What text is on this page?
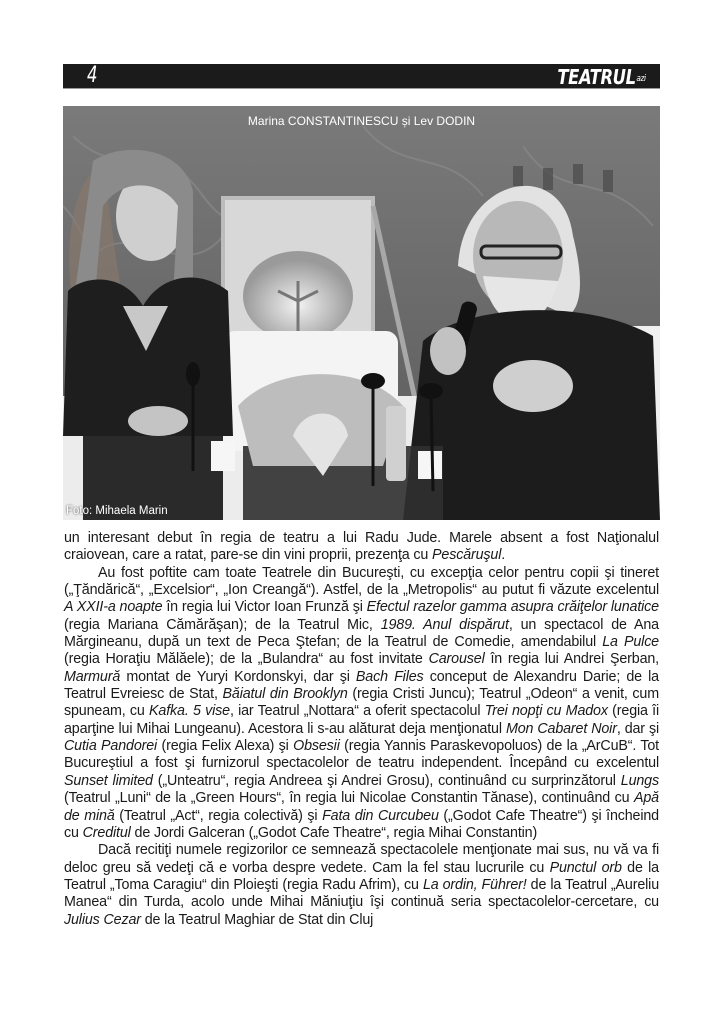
4	TEATRULazi
Marina CONSTANTINESCU și Lev DODIN
Foto: Mihaela Marin

un interesant debut în regia de teatru a lui Radu Jude. Marele absent a fost Naţionalul craiovean, care a ratat, pare-se din vini proprii, prezenţa cu Pescăruşul.

Au fost poftite cam toate Teatrele din Bucureşti, cu excepţia celor pentru copii şi tineret („Ţăndărică“, „Excelsior“, „Ion Creangă“). Astfel, de la „Metropolis“ au putut fi văzute excelentul A XXII-a noapte în regia lui Victor Ioan Frunză şi Efectul razelor gamma asupra crăiţelor lunatice (regia Mariana Cămărăşan); de la Teatrul Mic, 1989. Anul dispărut, un spectacol de Ana Mărgineanu, după un text de Peca Ştefan; de la Teatrul de Comedie, amendabilul La Pulce (regia Horaţiu Mălăele); de la „Bulandra“ au fost invitate Carousel în regia lui Andrei Şerban, Marmură montat de Yuryi Kordonskyi, dar şi Bach Files conceput de Alexandru Darie; de la Teatrul Evreiesc de Stat, Băiatul din Brooklyn (regia Cristi Juncu); Teatrul „Odeon“ a venit, cum spuneam, cu Kafka. 5 vise, iar Teatrul „Nottara“ a oferit spectacolul Trei nopţi cu Madox (regia îi aparţine lui Mihai Lungeanu). Acestora li s-au alăturat deja menţionatul Mon Cabaret Noir, dar şi Cutia Pandorei (regia Felix Alexa) şi Obsesii (regia Yannis Paraskevopoluos) de la „ArCuB“. Tot Bucureştiul a fost şi furnizorul spectacolelor de teatru independent. Începând cu excelentul Sunset limited („Unteatru“, regia Andreea şi Andrei Grosu), continuând cu surprinzătorul Lungs (Teatrul „Luni“ de la „Green Hours“, în regia lui Nicolae Constantin Tănase), continuând cu Apă de mină (Teatrul „Act“, regia colectivă) şi Fata din Curcubeu („Godot Cafe Theatre“) şi încheind cu Creditul de Jordi Galceran („Godot Cafe Theatre“, regia Mihai Constantin)

Dacă recitiţi numele regizorilor ce semnează spectacolele menţionate mai sus, nu vă va fi deloc greu să vedeţi că e vorba despre vedete. Cam la fel stau lucrurile cu Punctul orb de la Teatrul „Toma Caragiu“ din Ploieşti (regia Radu Afrim), cu La ordin, Führer! de la Teatrul „Aureliu Manea“ din Turda, acolo unde Mihai Măniuţiu îşi continuă seria spectacolelor-cercetare, cu Julius Cezar de la Teatrul Maghiar de Stat din Cluj
